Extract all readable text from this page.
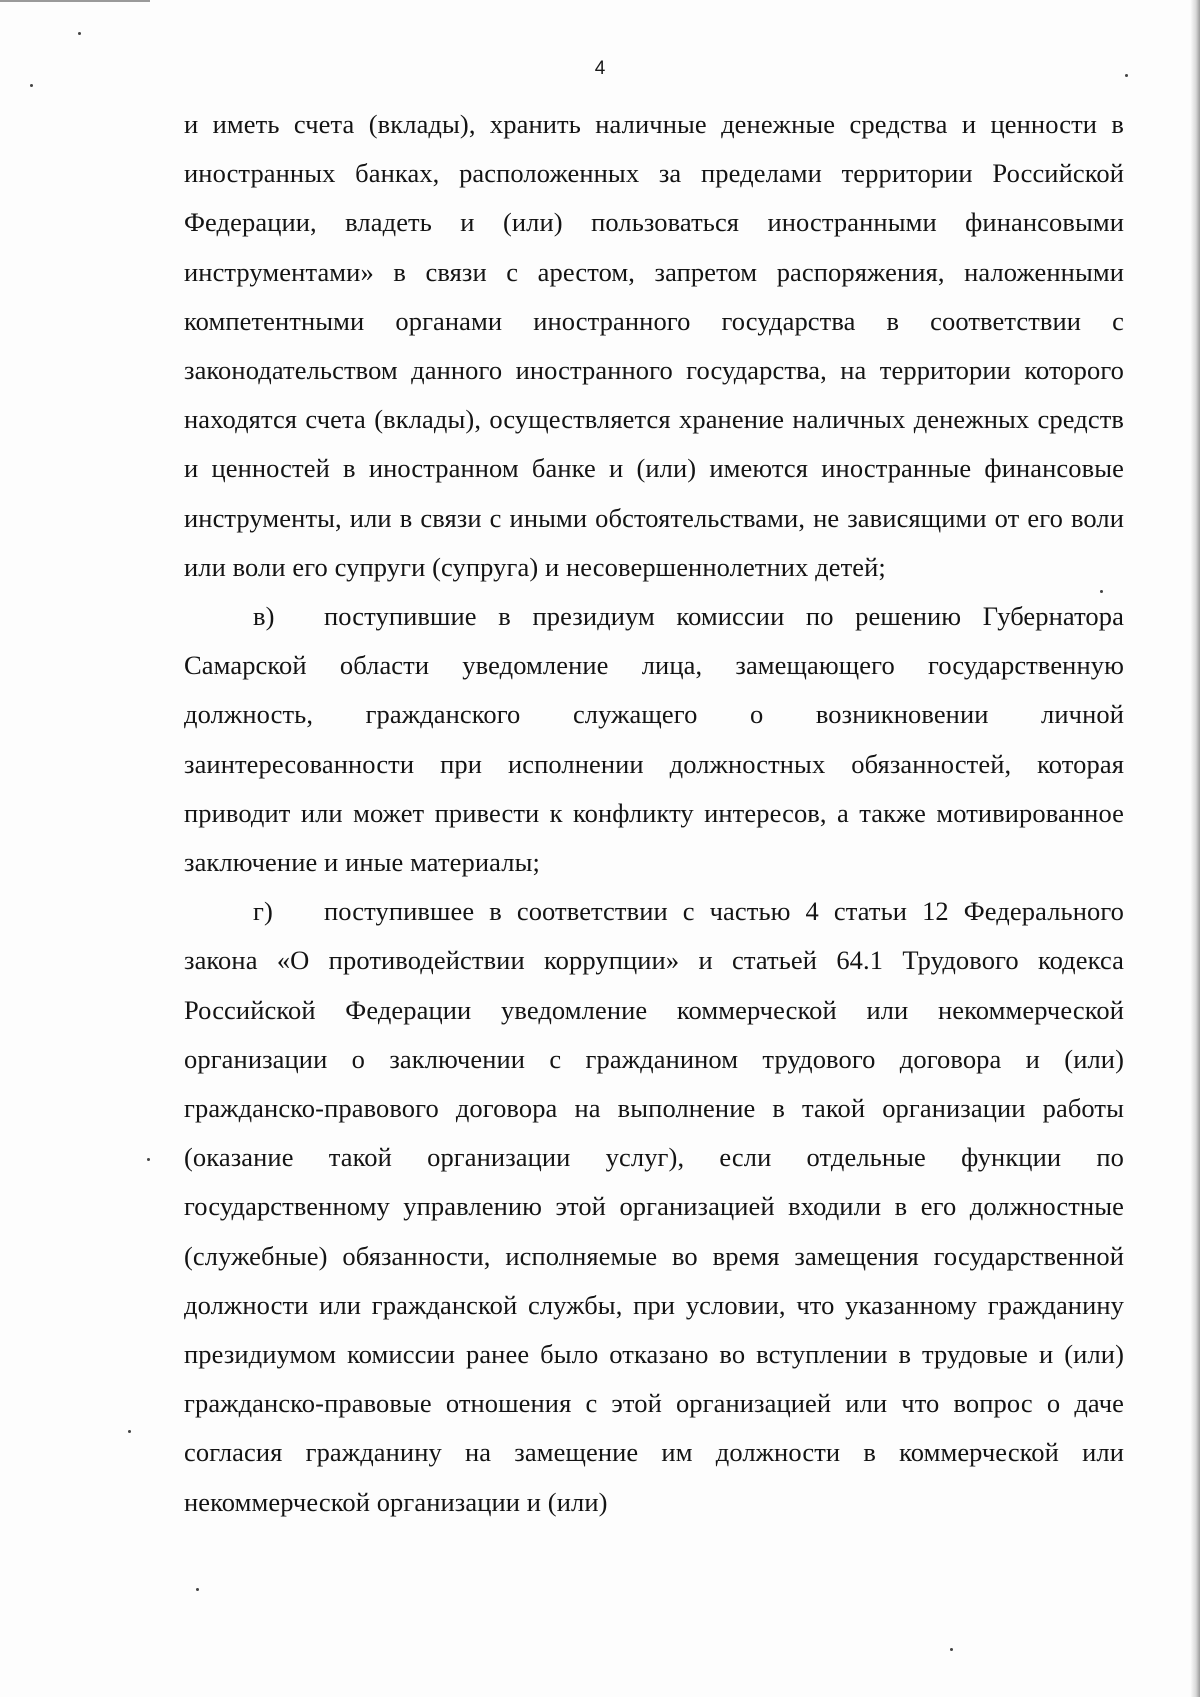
4

и иметь счета (вклады), хранить наличные денежные средства и ценности в иностранных банках, расположенных за пределами территории Российской Федерации, владеть и (или) пользоваться иностранными финансовыми инструментами» в связи с арестом, запретом распоряжения, наложенными компетентными органами иностранного государства в соответствии с законодательством данного иностранного государства, на территории которого находятся счета (вклады), осуществляется хранение наличных денежных средств и ценностей в иностранном банке и (или) имеются иностранные финансовые инструменты, или в связи с иными обстоятельствами, не зависящими от его воли или воли его супруги (супруга) и несовершеннолетних детей;

в) поступившие в президиум комиссии по решению Губернатора Самарской области уведомление лица, замещающего государственную должность, гражданского служащего о возникновении личной заинтересованности при исполнении должностных обязанностей, которая приводит или может привести к конфликту интересов, а также мотивированное заключение и иные материалы;

г) поступившее в соответствии с частью 4 статьи 12 Федерального закона «О противодействии коррупции» и статьей 64.1 Трудового кодекса Российской Федерации уведомление коммерческой или некоммерческой организации о заключении с гражданином трудового договора и (или) гражданско-правового договора на выполнение в такой организации работы (оказание такой организации услуг), если отдельные функции по государственному управлению этой организацией входили в его должностные (служебные) обязанности, исполняемые во время замещения государственной должности или гражданской службы, при условии, что указанному гражданину президиумом комиссии ранее было отказано во вступлении в трудовые и (или) гражданско-правовые отношения с этой организацией или что вопрос о даче согласия гражданину на замещение им должности в коммерческой или некоммерческой организации и (или)
